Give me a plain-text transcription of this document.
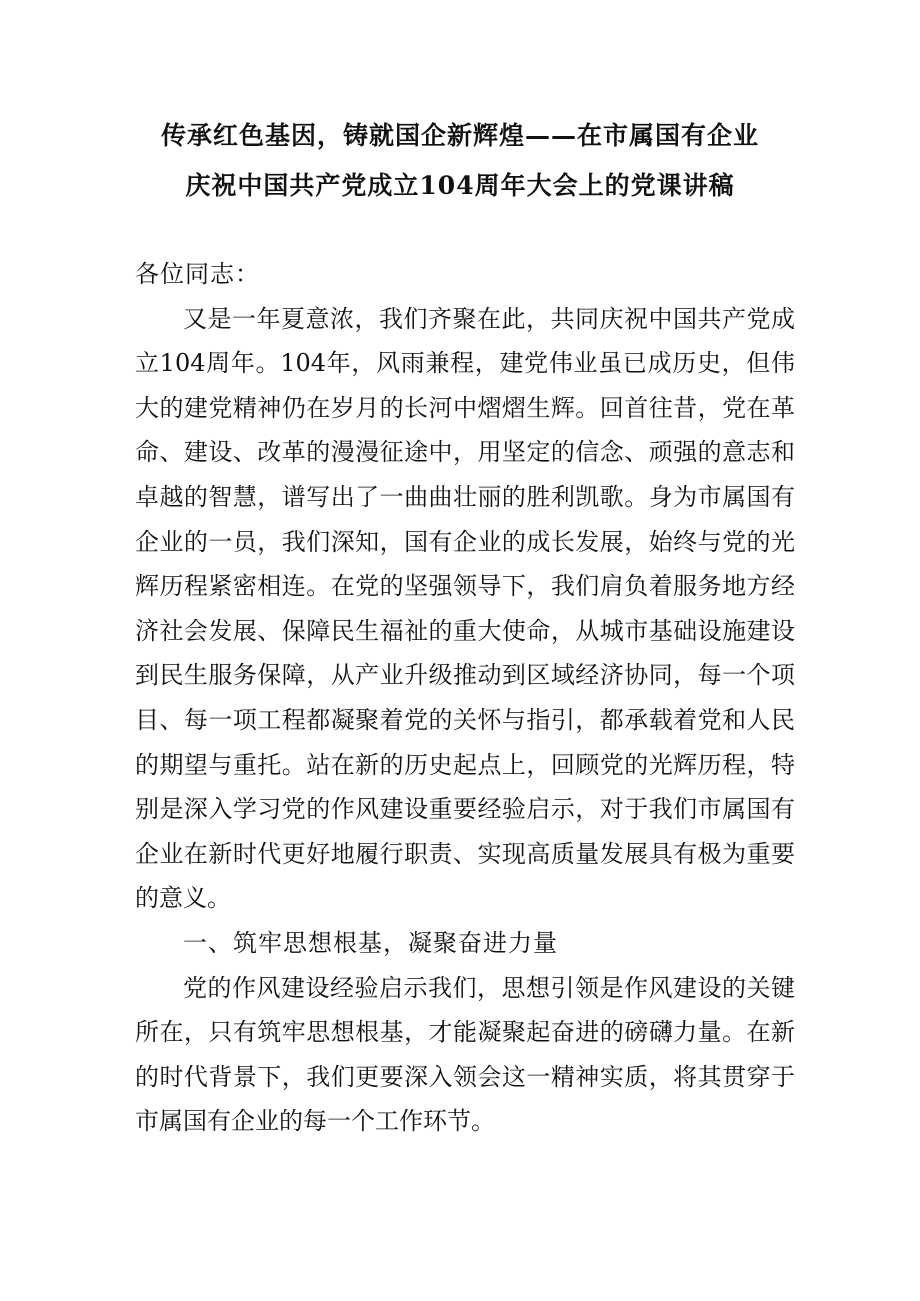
传承红色基因，铸就国企新辉煌——在市属国有企业
庆祝中国共产党成立104周年大会上的党课讲稿

各位同志：

又是一年夏意浓，我们齐聚在此，共同庆祝中国共产党成立104周年。104年，风雨兼程，建党伟业虽已成历史，但伟大的建党精神仍在岁月的长河中熠熠生辉。回首往昔，党在革命、建设、改革的漫漫征途中，用坚定的信念、顽强的意志和卓越的智慧，谱写出了一曲曲壮丽的胜利凯歌。身为市属国有企业的一员，我们深知，国有企业的成长发展，始终与党的光辉历程紧密相连。在党的坚强领导下，我们肩负着服务地方经济社会发展、保障民生福祉的重大使命，从城市基础设施建设到民生服务保障，从产业升级推动到区域经济协同，每一个项目、每一项工程都凝聚着党的关怀与指引，都承载着党和人民的期望与重托。站在新的历史起点上，回顾党的光辉历程，特别是深入学习党的作风建设重要经验启示，对于我们市属国有企业在新时代更好地履行职责、实现高质量发展具有极为重要的意义。

一、筑牢思想根基，凝聚奋进力量

党的作风建设经验启示我们，思想引领是作风建设的关键所在，只有筑牢思想根基，才能凝聚起奋进的磅礴力量。在新的时代背景下，我们更要深入领会这一精神实质，将其贯穿于市属国有企业的每一个工作环节。
